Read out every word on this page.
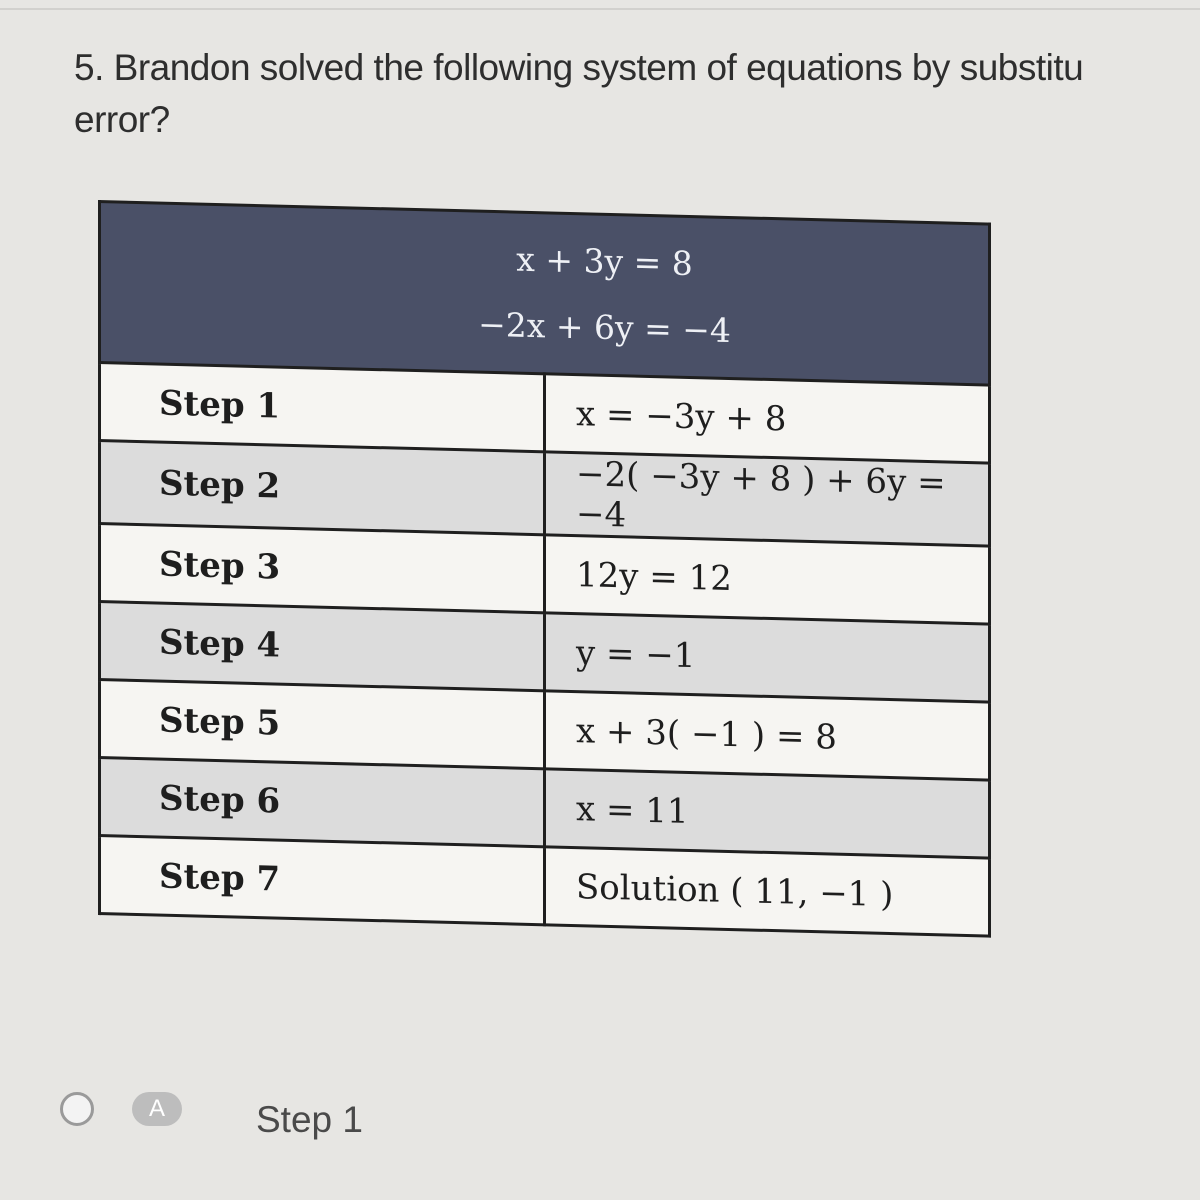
5. Brandon solved the following system of equations by substitu
error?
x + 3y = 8
−2x + 6y = −4	

Step 1	x = −3y + 8
Step 2	−2( −3y + 8 ) + 6y = −4
Step 3	12y = 12
Step 4	y = −1
Step 5	x + 3( −1 ) = 8
Step 6	x = 11
Step 7	Solution ( 11, −1 )
A	Step 1
